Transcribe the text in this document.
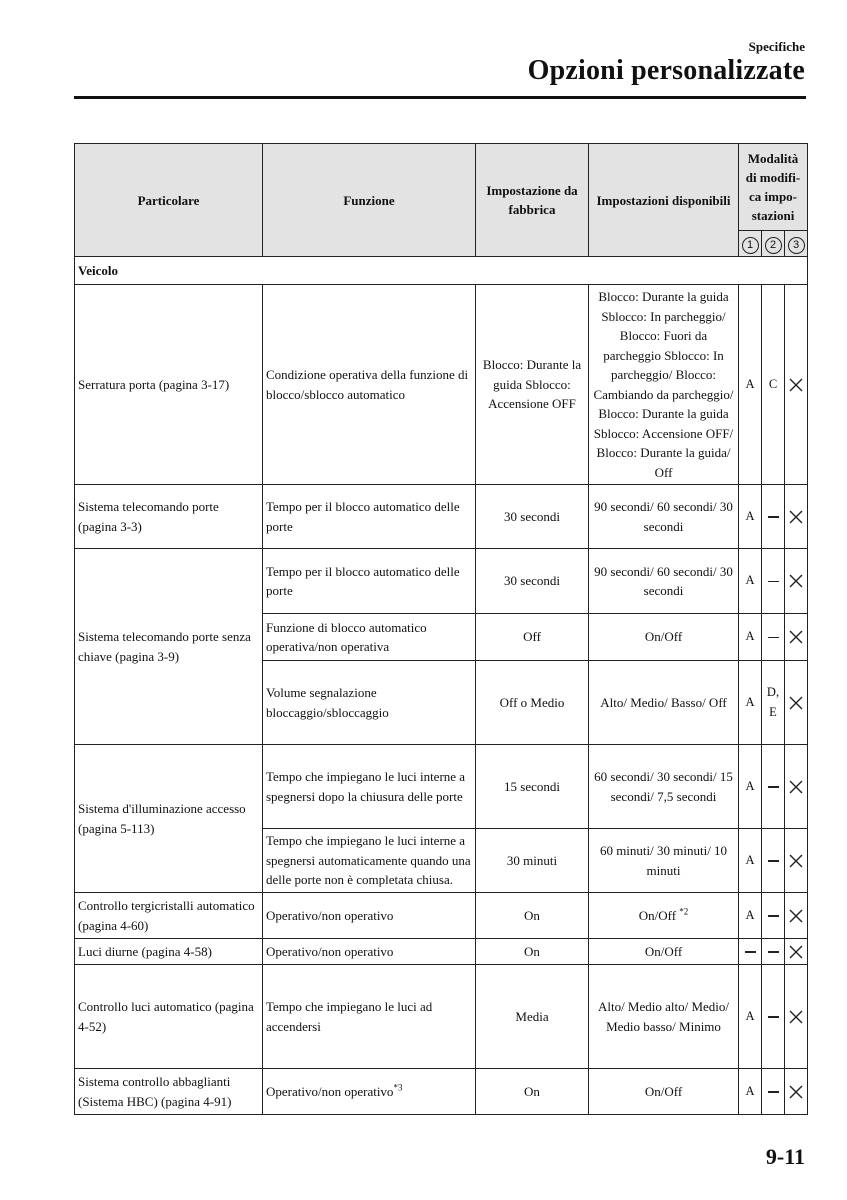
Specifiche
Opzioni personalizzate
Particolare	Funzione	Impostazione da fabbrica	Impostazioni disponibili	Modalità di modifi-ca impo-stazioni		
				1	2	3
Veicolo						
Serratura porta (pagina 3-17)	Condizione operativa della funzione di blocco/sblocco automatico	Blocco: Durante la guida Sblocco: Accensione OFF	Blocco: Durante la guida Sblocco: In parcheggio/ Blocco: Fuori da parcheggio Sblocco: In parcheggio/ Blocco: Cambiando da parcheggio/ Blocco: Durante la guida Sblocco: Accensione OFF/ Blocco: Durante la guida/ Off	A	C	
Sistema telecomando porte (pagina 3-3)	Tempo per il blocco automatico delle porte	30 secondi	90 secondi/ 60 secondi/ 30 secondi	A		
Sistema telecomando porte senza chiave (pagina 3-9)	Tempo per il blocco automatico delle porte	30 secondi	90 secondi/ 60 secondi/ 30 secondi	A		
	Funzione di blocco automatico operativa/non operativa	Off	On/Off	A		
	Volume segnalazione bloccaggio/sbloccaggio	Off o Medio	Alto/ Medio/ Basso/ Off	A	D, E	
Sistema d'illuminazione accesso (pagina 5-113)	Tempo che impiegano le luci interne a spegnersi dopo la chiusura delle porte	15 secondi	60 secondi/ 30 secondi/ 15 secondi/ 7,5 secondi	A		
	Tempo che impiegano le luci interne a spegnersi automaticamente quando una delle porte non è completata chiusa.	30 minuti	60 minuti/ 30 minuti/ 10 minuti	A		
Controllo tergicristalli automatico (pagina 4-60)	Operativo/non operativo	On	On/Off $^{*2}$	A		
Luci diurne (pagina 4-58)	Operativo/non operativo	On	On/Off			
Controllo luci automatico (pagina 4-52)	Tempo che impiegano le luci ad accendersi	Media	Alto/ Medio alto/ Medio/ Medio basso/ Minimo	A		
Sistema controllo abbaglianti (Sistema HBC) (pagina 4-91)	Operativo/non operativo$^{*3}$	On	On/Off	A		
9-11
